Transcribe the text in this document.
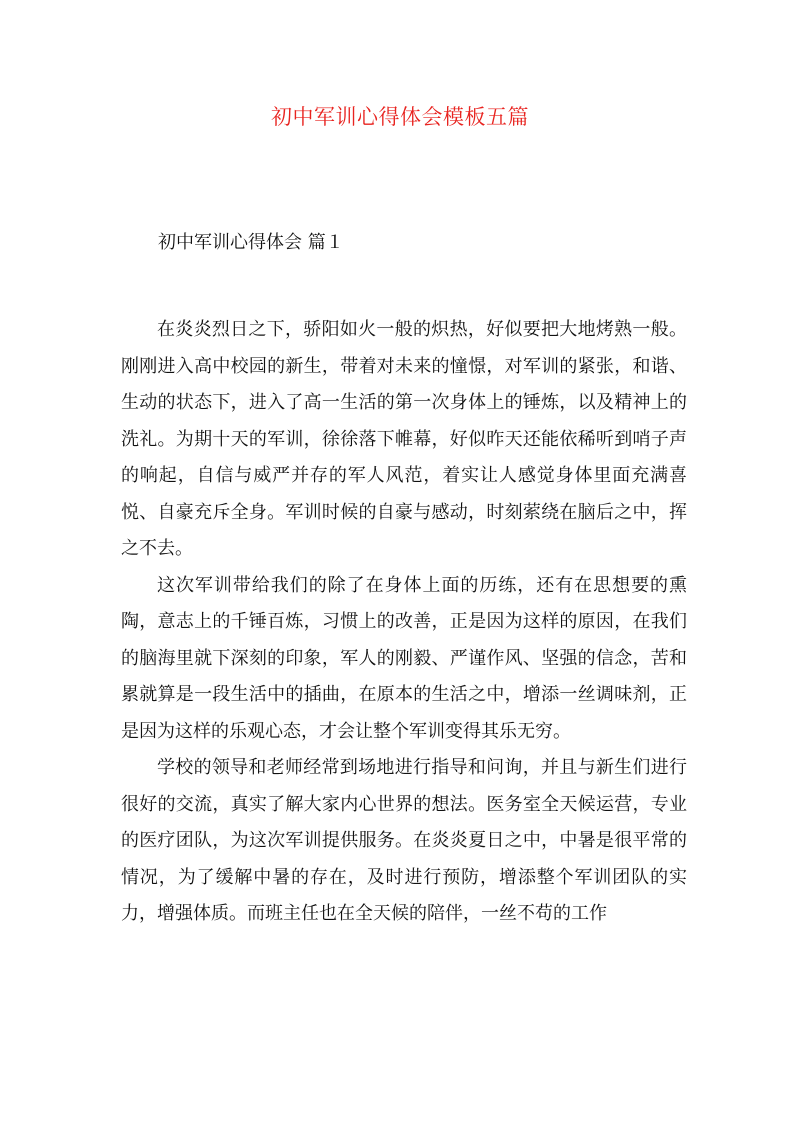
初中军训心得体会模板五篇
初中军训心得体会 篇１

在炎炎烈日之下，骄阳如火一般的炽热，好似要把大地烤熟一般。刚刚进入高中校园的新生，带着对未来的憧憬，对军训的紧张，和谐、生动的状态下，进入了高一生活的第一次身体上的锤炼，以及精神上的洗礼。为期十天的军训，徐徐落下帷幕，好似昨天还能依稀听到哨子声的响起，自信与威严并存的军人风范，着实让人感觉身体里面充满喜悦、自豪充斥全身。军训时候的自豪与感动，时刻萦绕在脑后之中，挥之不去。

这次军训带给我们的除了在身体上面的历练，还有在思想要的熏陶，意志上的千锤百炼，习惯上的改善，正是因为这样的原因，在我们的脑海里就下深刻的印象，军人的刚毅、严谨作风、坚强的信念，苦和累就算是一段生活中的插曲，在原本的生活之中，增添一丝调味剂，正是因为这样的乐观心态，才会让整个军训变得其乐无穷。

学校的领导和老师经常到场地进行指导和问询，并且与新生们进行很好的交流，真实了解大家内心世界的想法。医务室全天候运营，专业的医疗团队，为这次军训提供服务。在炎炎夏日之中，中暑是很平常的情况，为了缓解中暑的存在，及时进行预防，增添整个军训团队的实力，增强体质。而班主任也在全天候的陪伴，一丝不苟的工作
